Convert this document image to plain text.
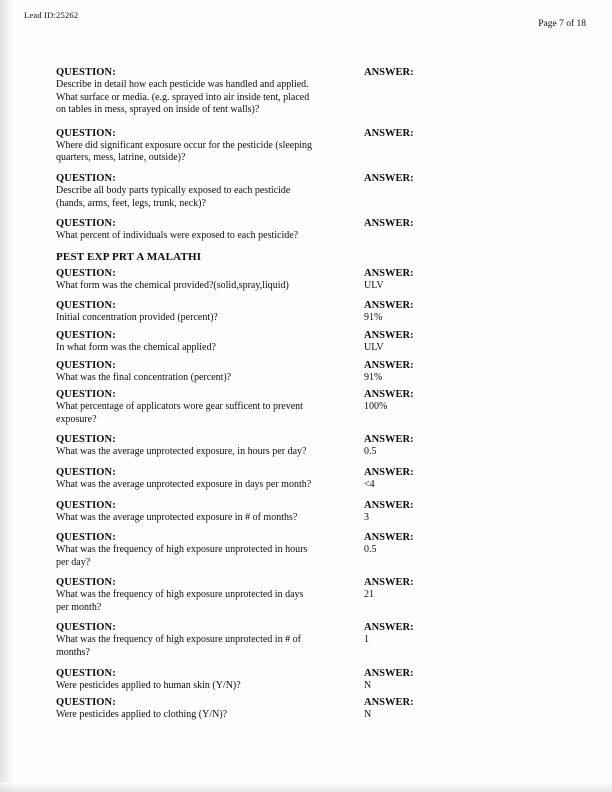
Lead ID:25262
Page 7 of 18
QUESTION:
Describe in detail how each pesticide was handled and applied. What surface or media. (e.g. sprayed into air inside tent, placed on tables in mess, sprayed on inside of tent walls)?
ANSWER:
QUESTION:
Where did significant exposure occur for the pesticide (sleeping quarters, mess, latrine, outside)?
ANSWER:
QUESTION:
Describe all body parts typically exposed to each pesticide (hands, arms, feet, legs, trunk, neck)?
ANSWER:
QUESTION:
What percent of individuals were exposed to each pesticide?
ANSWER:
PEST EXP PRT A MALATHI
QUESTION:
What form was the chemical provided?(solid,spray,liquid)
ANSWER:
ULV
QUESTION:
Initial concentration provided (percent)?
ANSWER:
91%
QUESTION:
In what form was the chemical applied?
ANSWER:
ULV
QUESTION:
What was the final concentration (percent)?
ANSWER:
91%
QUESTION:
What percentage of applicators wore gear sufficent to prevent exposure?
ANSWER:
100%
QUESTION:
What was the average unprotected exposure, in hours per day?
ANSWER:
0.5
QUESTION:
What was the average unprotected exposure in days per month?
ANSWER:
<4
QUESTION:
What was the average unprotected exposure in # of months?
ANSWER:
3
QUESTION:
What was the frequency of high exposure unprotected in hours per day?
ANSWER:
0.5
QUESTION:
What was the frequency of high exposure unprotected in days per month?
ANSWER:
21
QUESTION:
What was the frequency of high exposure unprotected in # of months?
ANSWER:
1
QUESTION:
Were pesticides applied to human skin (Y/N)?
ANSWER:
N
QUESTION:
Were pesticides applied to clothing (Y/N)?
ANSWER:
N
